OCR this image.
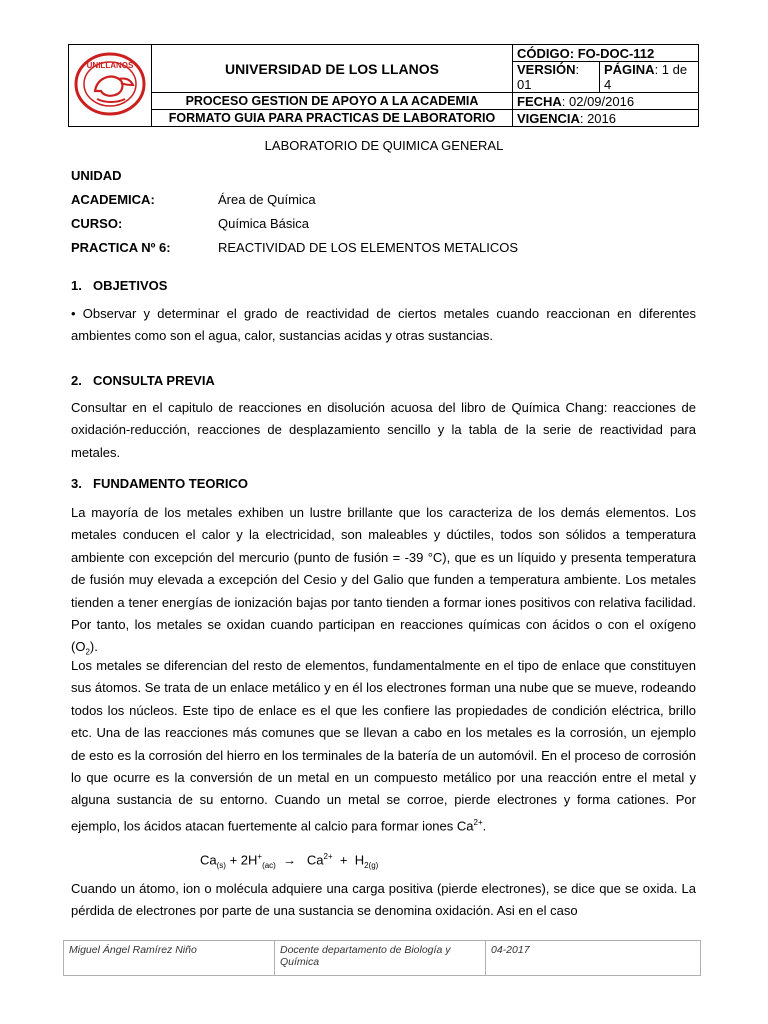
UNILLANOS	UNIVERSIDAD DE LOS LLANOS	CÓDIGO: FO-DOC-112	
		VERSIÓN: 01	PÁGINA: 1 de 4
	PROCESO GESTION DE APOYO A LA ACADEMIA	FECHA: 02/09/2016	
	FORMATO GUIA PARA PRACTICAS DE LABORATORIO	VIGENCIA: 2016	
LABORATORIO DE QUIMICA GENERAL
UNIDAD
ACADEMICA:	Área de Química
CURSO:	Química Básica
PRACTICA Nº 6:	REACTIVIDAD DE LOS ELEMENTOS METALICOS
1. OBJETIVOS
• Observar y determinar el grado de reactividad de ciertos metales cuando reaccionan en diferentes ambientes como son el agua, calor, sustancias acidas y otras sustancias.
2. CONSULTA PREVIA
Consultar en el capitulo de reacciones en disolución acuosa del libro de Química Chang: reacciones de oxidación-reducción, reacciones de desplazamiento sencillo y la tabla de la serie de reactividad para metales.
3. FUNDAMENTO TEORICO
La mayoría de los metales exhiben un lustre brillante que los caracteriza de los demás elementos. Los metales conducen el calor y la electricidad, son maleables y dúctiles, todos son sólidos a temperatura ambiente con excepción del mercurio (punto de fusión = -39 °C), que es un líquido y presenta temperatura de fusión muy elevada a excepción del Cesio y del Galio que funden a temperatura ambiente. Los metales tienden a tener energías de ionización bajas por tanto tienden a formar iones positivos con relativa facilidad. Por tanto, los metales se oxidan cuando participan en reacciones químicas con ácidos o con el oxígeno $(O_2)$.
Los metales se diferencian del resto de elementos, fundamentalmente en el tipo de enlace que constituyen sus átomos. Se trata de un enlace metálico y en él los electrones forman una nube que se mueve, rodeando todos los núcleos. Este tipo de enlace es el que les confiere las propiedades de condición eléctrica, brillo etc. Una de las reacciones más comunes que se llevan a cabo en los metales es la corrosión, un ejemplo de esto es la corrosión del hierro en los terminales de la batería de un automóvil. En el proceso de corrosión lo que ocurre es la conversión de un metal en un compuesto metálico por una reacción entre el metal y alguna sustancia de su entorno. Cuando un metal se corroe, pierde electrones y forma cationes. Por ejemplo, los ácidos atacan fuertemente al calcio para formar iones $Ca^{2+}$.
$Ca_{(s)} + 2H^+_{(ac)} \to Ca^{2+} + H_{2(g)}$
Cuando un átomo, ion o molécula adquiere una carga positiva (pierde electrones), se dice que se oxida. La pérdida de electrones por parte de una sustancia se denomina oxidación. Asi en el caso
Miguel Ángel Ramírez Niño	Docente departamento de Biología y Química	04-2017
